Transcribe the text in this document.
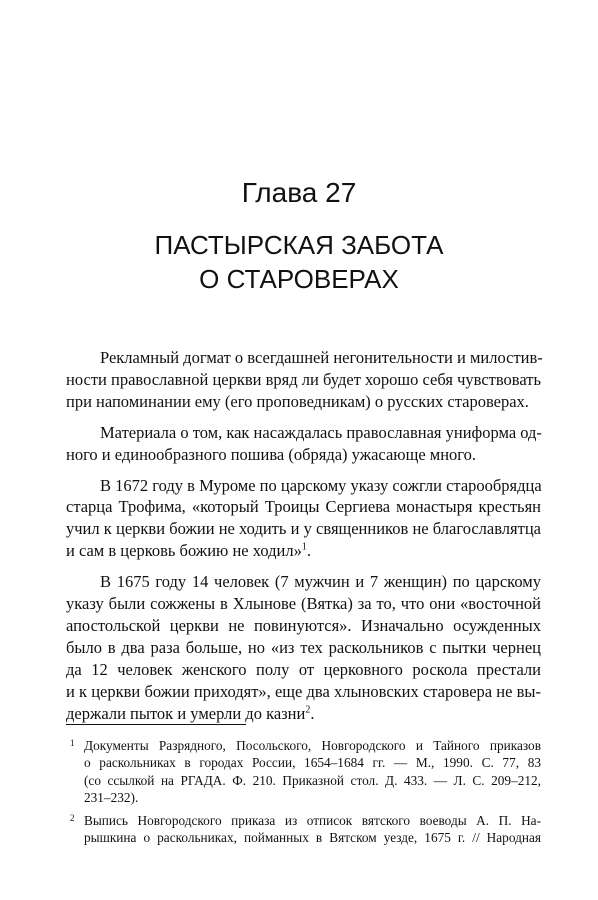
Глава 27
ПАСТЫРСКАЯ ЗАБОТА
О СТАРОВЕРАХ

Рекламный догмат о всегдашней негонительности и милостив-
ности православной церкви вряд ли будет хорошо себя чувствовать
при напоминании ему (его проповедникам) о русских староверах.

Материала о том, как насаждалась православная униформа од-
ного и единообразного пошива (обряда) ужасающе много.

В 1672 году в Муроме по царскому указу сожгли старообрядца
старца Трофима, «который Троицы Сергиева монастыря крестьян
учил к церкви божии не ходить и у священников не благославлятца
и сам в церковь божию не ходил»$^1$.

В 1675 году 14 человек (7 мужчин и 7 женщин) по царскому
указу были сожжены в Хлынове (Вятка) за то, что они «восточной
апостольской церкви не повинуются». Изначально осужденных
было в два раза больше, но «из тех раскольников с пытки чернец
да 12 человек женского полу от церковного роскола престали
и к церкви божии приходят», еще два хлыновских старовера не вы-
держали пыток и умерли до казни$^2$.

1 Документы Разрядного, Посольского, Новгородского и Тайного приказов
о раскольниках в городах России, 1654–1684 гг. — М., 1990. С. 77, 83
(со ссылкой на РГАДА. Ф. 210. Приказной стол. Д. 433. — Л. С. 209–212,
231–232).
2 Выпись Новгородского приказа из отписок вятского воеводы А. П. На-
рышкина о раскольниках, пойманных в Вятском уезде, 1675 г. // Народная
